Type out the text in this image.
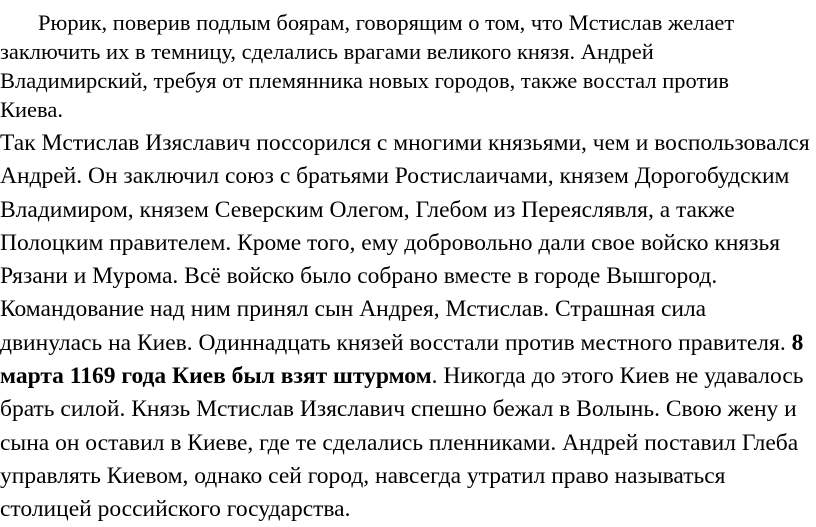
Рюрик, поверив подлым боярам, говорящим о том, что Мстислав желает
заключить их в темницу, сделались врагами великого князя. Андрей
Владимирский, требуя от племянника новых городов, также восстал против
Киева.

Так Мстислав Изяславич поссорился с многими князьями, чем и воспользовался
Андрей. Он заключил союз с братьями Ростислаичами, князем Дорогобудским
Владимиром, князем Северским Олегом, Глебом из Переяслявля, а также
Полоцким правителем. Кроме того, ему добровольно дали свое войско князья
Рязани и Мурома. Всё войско было собрано вместе в городе Вышгород.
Командование над ним принял сын Андрея, Мстислав. Страшная сила
двинулась на Киев. Одиннадцать князей восстали против местного правителя. 8
марта 1169 года Киев был взят штурмом. Никогда до этого Киев не удавалось
брать силой. Князь Мстислав Изяславич спешно бежал в Волынь. Свою жену и
сына он оставил в Киеве, где те сделались пленниками. Андрей поставил Глеба
управлять Киевом, однако сей город, навсегда утратил право называться
столицей российского государства.
